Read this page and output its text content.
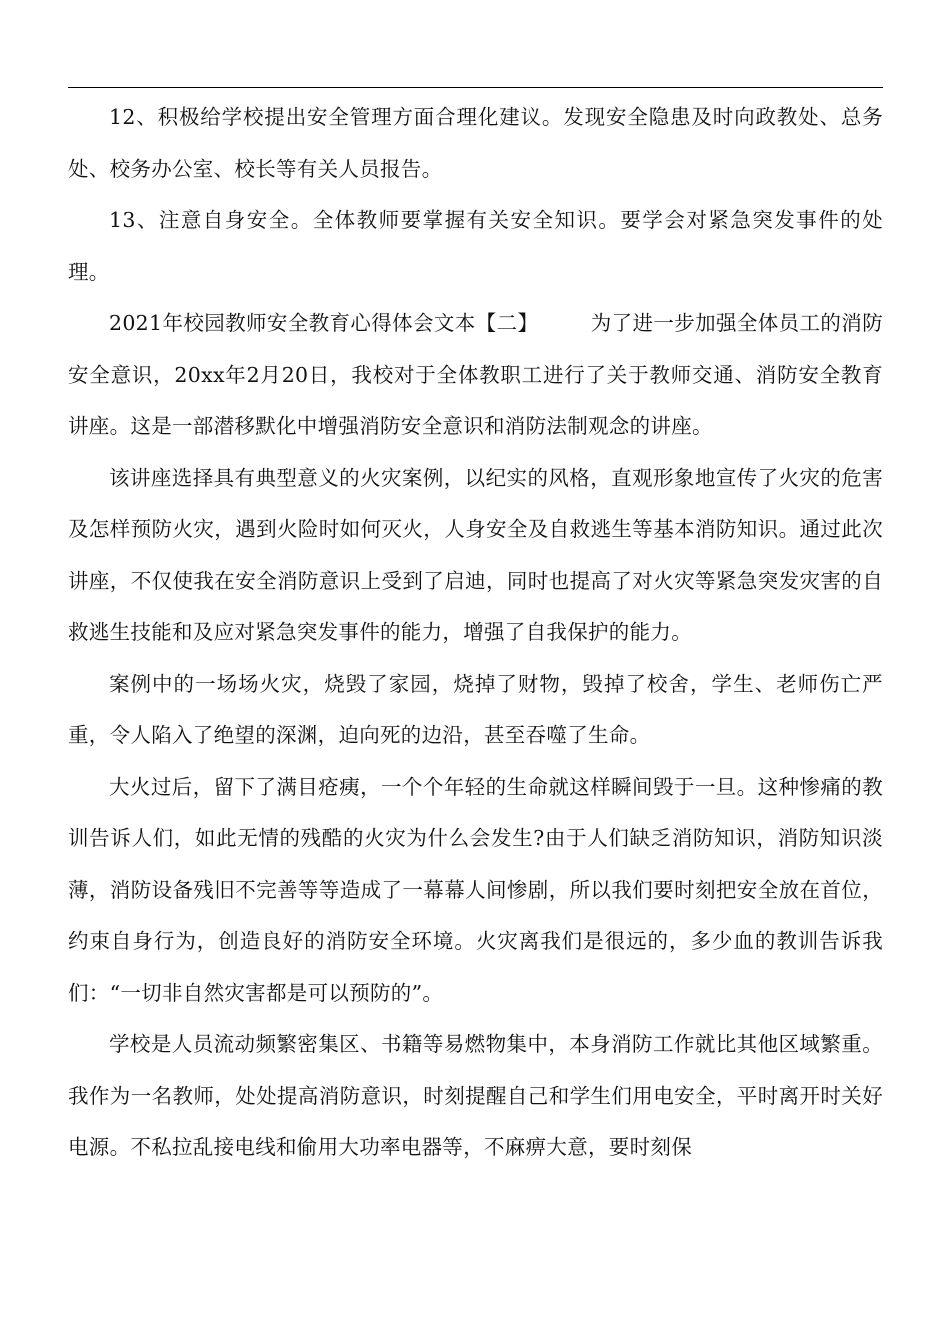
12、积极给学校提出安全管理方面合理化建议。发现安全隐患及时向政教处、总务处、校务办公室、校长等有关人员报告。

13、注意自身安全。全体教师要掌握有关安全知识。要学会对紧急突发事件的处理。

2021年校园教师安全教育心得体会文本【二】　　　为了进一步加强全体员工的消防安全意识，20xx年2月20日，我校对于全体教职工进行了关于教师交通、消防安全教育讲座。这是一部潜移默化中增强消防安全意识和消防法制观念的讲座。

该讲座选择具有典型意义的火灾案例，以纪实的风格，直观形象地宣传了火灾的危害及怎样预防火灾，遇到火险时如何灭火，人身安全及自救逃生等基本消防知识。通过此次讲座，不仅使我在安全消防意识上受到了启迪，同时也提高了对火灾等紧急突发灾害的自救逃生技能和及应对紧急突发事件的能力，增强了自我保护的能力。

案例中的一场场火灾，烧毁了家园，烧掉了财物，毁掉了校舍，学生、老师伤亡严重，令人陷入了绝望的深渊，迫向死的边沿，甚至吞噬了生命。

大火过后，留下了满目疮痍，一个个年轻的生命就这样瞬间毁于一旦。这种惨痛的教训告诉人们，如此无情的残酷的火灾为什么会发生?由于人们缺乏消防知识，消防知识淡薄，消防设备残旧不完善等等造成了一幕幕人间惨剧，所以我们要时刻把安全放在首位，约束自身行为，创造良好的消防安全环境。火灾离我们是很远的，多少血的教训告诉我们：“一切非自然灾害都是可以预防的”。

学校是人员流动频繁密集区、书籍等易燃物集中，本身消防工作就比其他区域繁重。我作为一名教师，处处提高消防意识，时刻提醒自己和学生们用电安全，平时离开时关好电源。不私拉乱接电线和偷用大功率电器等，不麻痹大意，要时刻保
